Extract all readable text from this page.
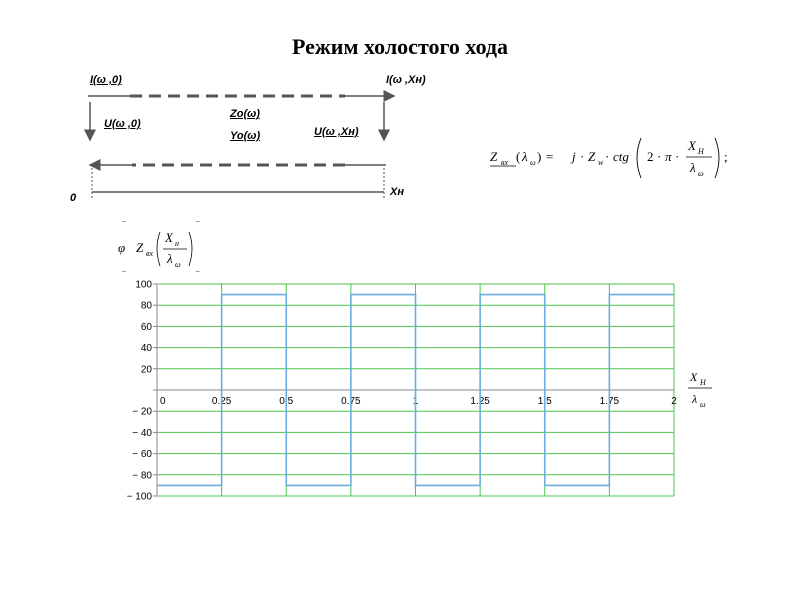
Режим холостого хода
I(ω ,0)	I(ω ,Xн)
U(ω ,0)
Zo(ω)
Yo(ω)	U(ω ,Xн)
0	Xн
Z вх ( λ ω ) = j · Z w · ctg 2 · π ·
X H
λ ω
;
−	−
φ Z вх
X н
λ ω
−	−
X H
λ ω
100
80
60
40
20
− 20
− 40
− 60
− 80
− 100
0	0.25	0.5	0.75	1	1.25	1.5	1.75	2
